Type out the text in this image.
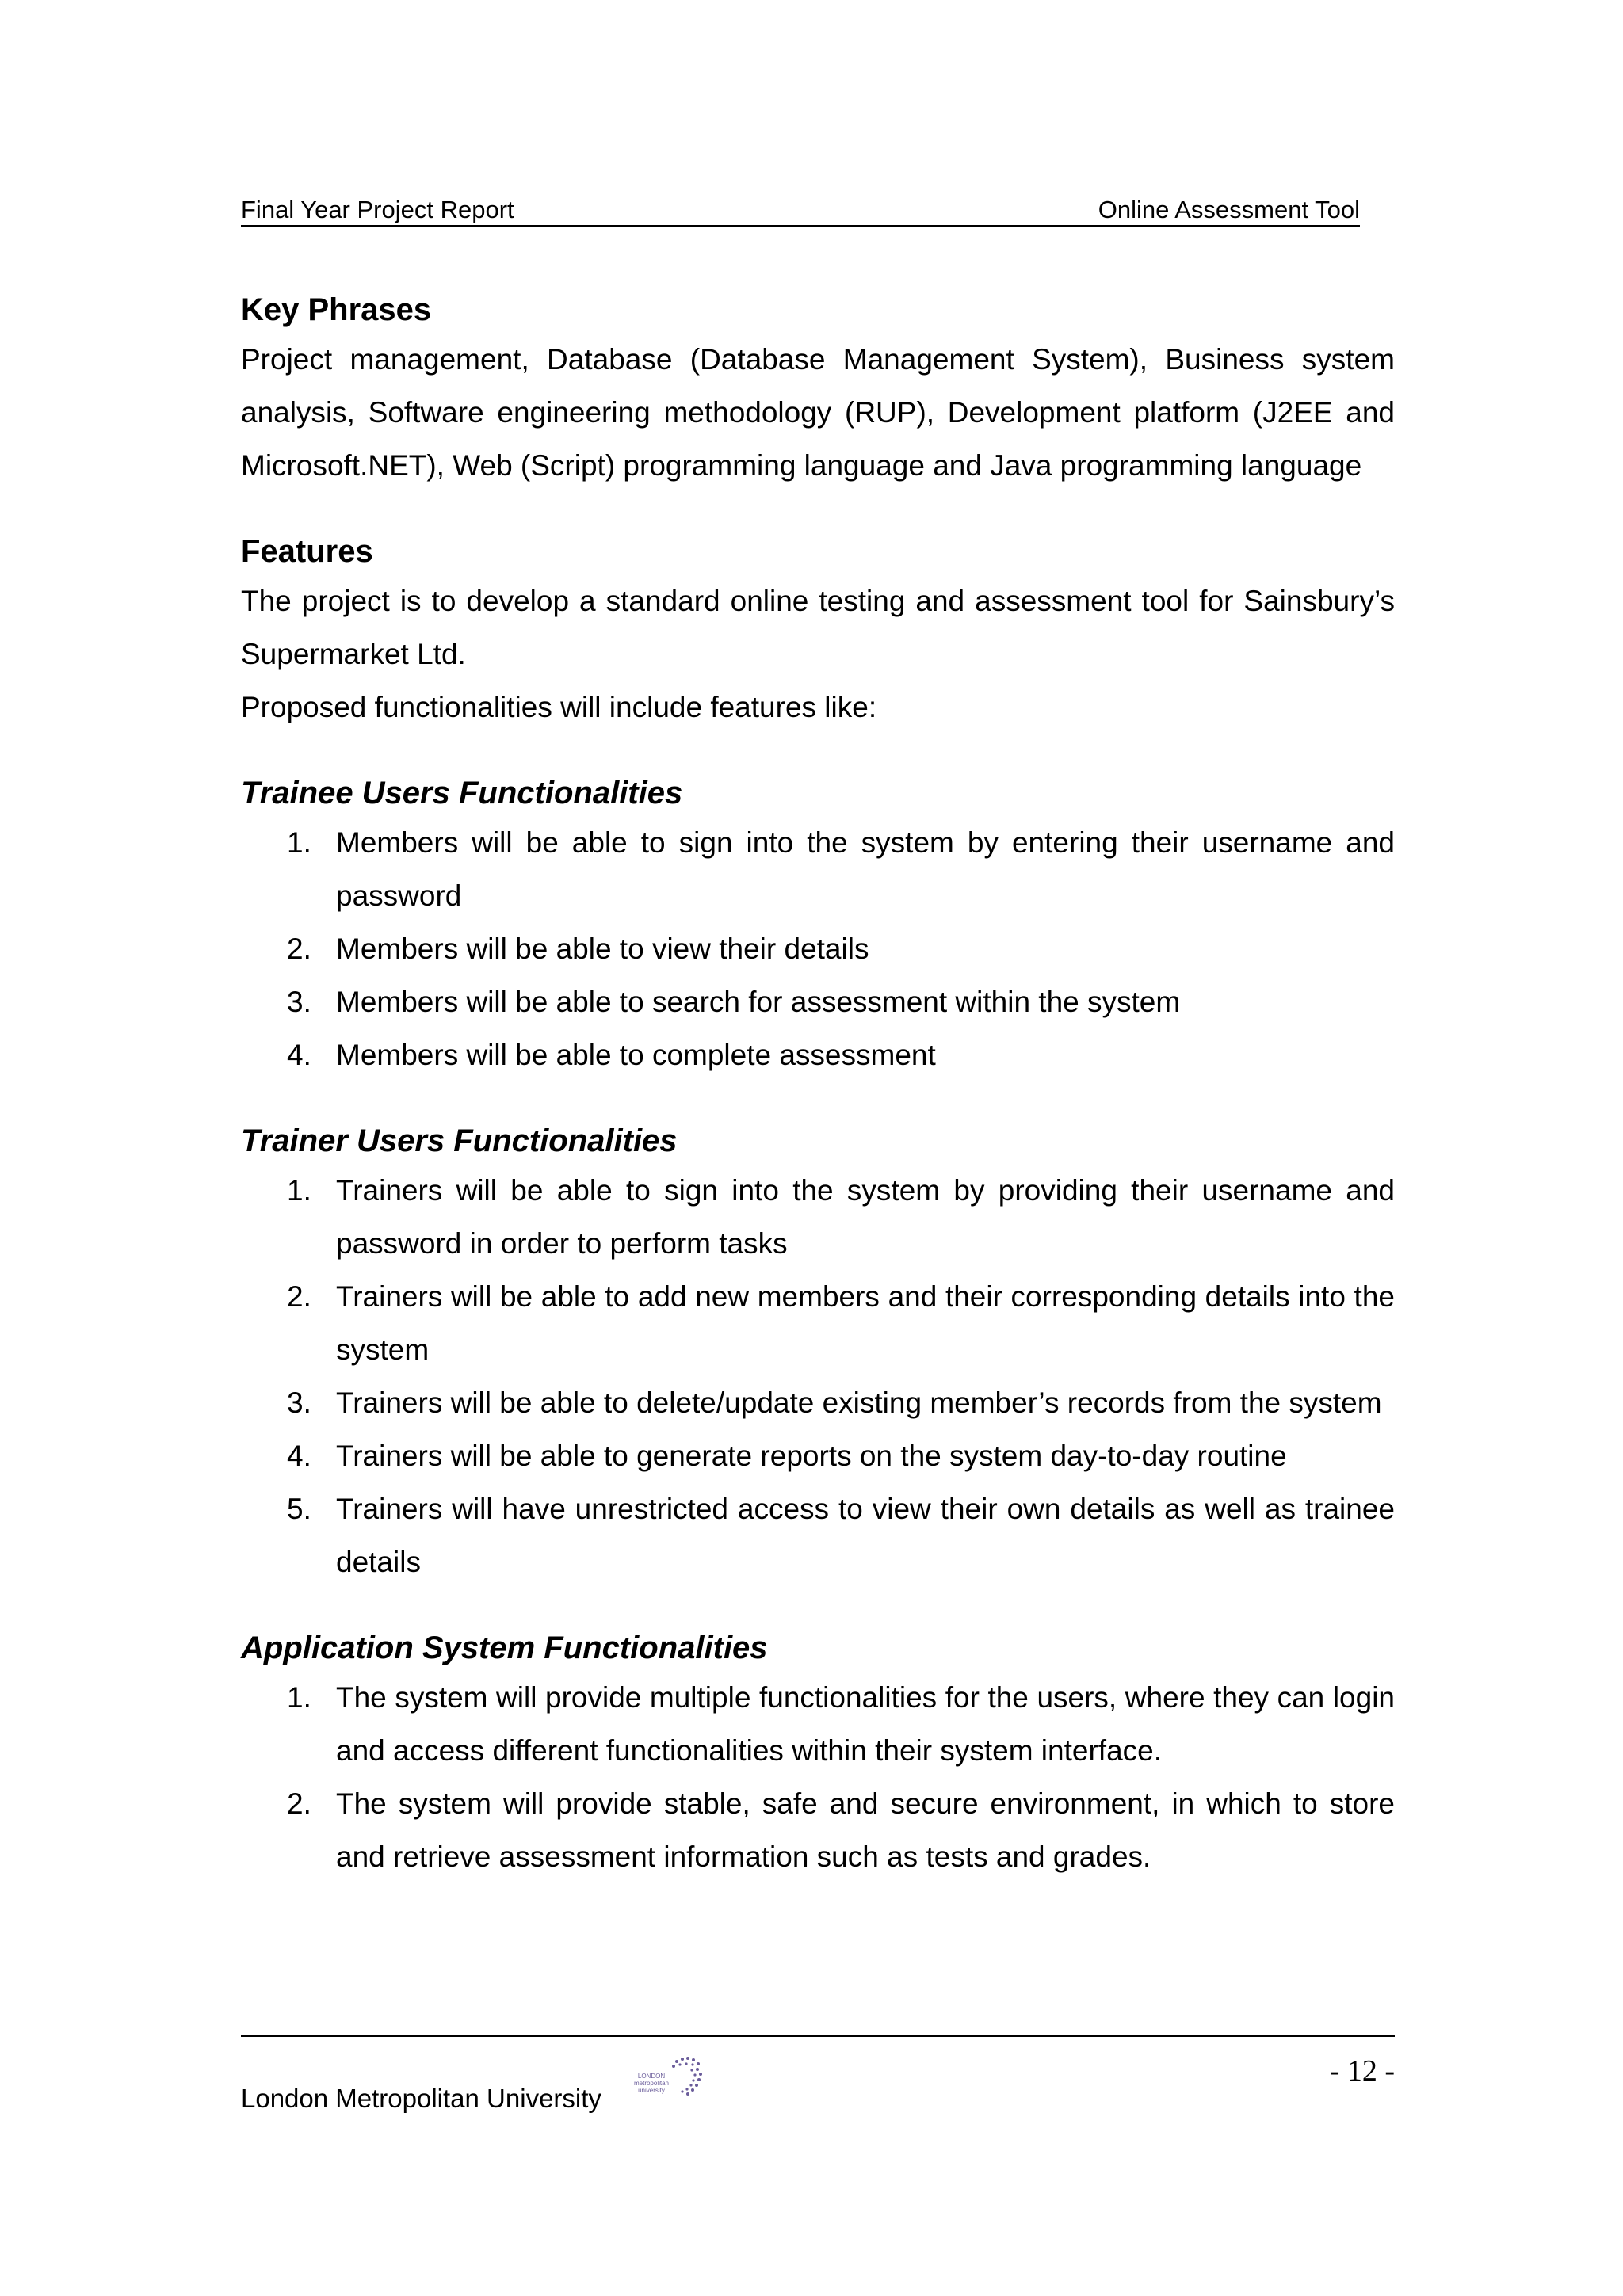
Final Year Project Report	Online Assessment Tool
Key Phrases

Project management, Database (Database Management System), Business system analysis, Software engineering methodology (RUP), Development platform (J2EE and Microsoft.NET), Web (Script) programming language and Java programming language

Features

The project is to develop a standard online testing and assessment tool for Sainsbury’s Supermarket Ltd.

Proposed functionalities will include features like:

Trainee Users Functionalities
1. Members will be able to sign into the system by entering their username and password
2. Members will be able to view their details
3. Members will be able to search for assessment within the system
4. Members will be able to complete assessment
Trainer Users Functionalities
1. Trainers will be able to sign into the system by providing their username and password in order to perform tasks
2. Trainers will be able to add new members and their corresponding details into the system
3. Trainers will be able to delete/update existing member’s records from the system
4. Trainers will be able to generate reports on the system day-to-day routine
5. Trainers will have unrestricted access to view their own details as well as trainee details
Application System Functionalities
1. The system will provide multiple functionalities for the users, where they can login and access different functionalities within their system interface.
2. The system will provide stable, safe and secure environment, in which to store and retrieve assessment information such as tests and grades.
- 12 -
London Metropolitan University
LONDON
metropolitan
university
